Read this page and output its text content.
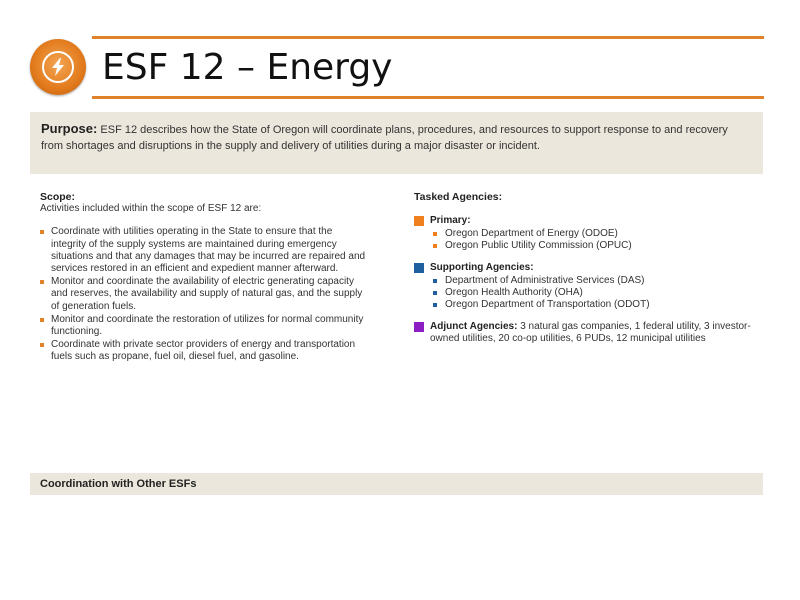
ESF 12 – Energy
Purpose: ESF 12 describes how the State of Oregon will coordinate plans, procedures, and resources to support response to and recovery from shortages and disruptions in the supply and delivery of utilities during a major disaster or incident.
Scope:
Activities included within the scope of ESF 12 are:
Coordinate with utilities operating in the State to ensure that the integrity of the supply systems are maintained during emergency situations and that any damages that may be incurred are repaired and services restored in an efficient and expedient manner afterward.
Monitor and coordinate the availability of electric generating capacity and reserves, the availability and supply of natural gas, and the supply of generation fuels.
Monitor and coordinate the restoration of utilizes for normal community functioning.
Coordinate with private sector providers of energy and transportation fuels such as propane, fuel oil, diesel fuel, and gasoline.
Tasked Agencies:
Primary:
Oregon Department of Energy (ODOE)
Oregon Public Utility Commission (OPUC)
Supporting Agencies:
Department of Administrative Services (DAS)
Oregon Health Authority (OHA)
Oregon Department of Transportation (ODOT)
Adjunct Agencies: 3 natural gas companies, 1 federal utility, 3 investor-owned utilities, 20 co-op utilities, 6 PUDs, 12 municipal utilities
Coordination with Other ESFs
